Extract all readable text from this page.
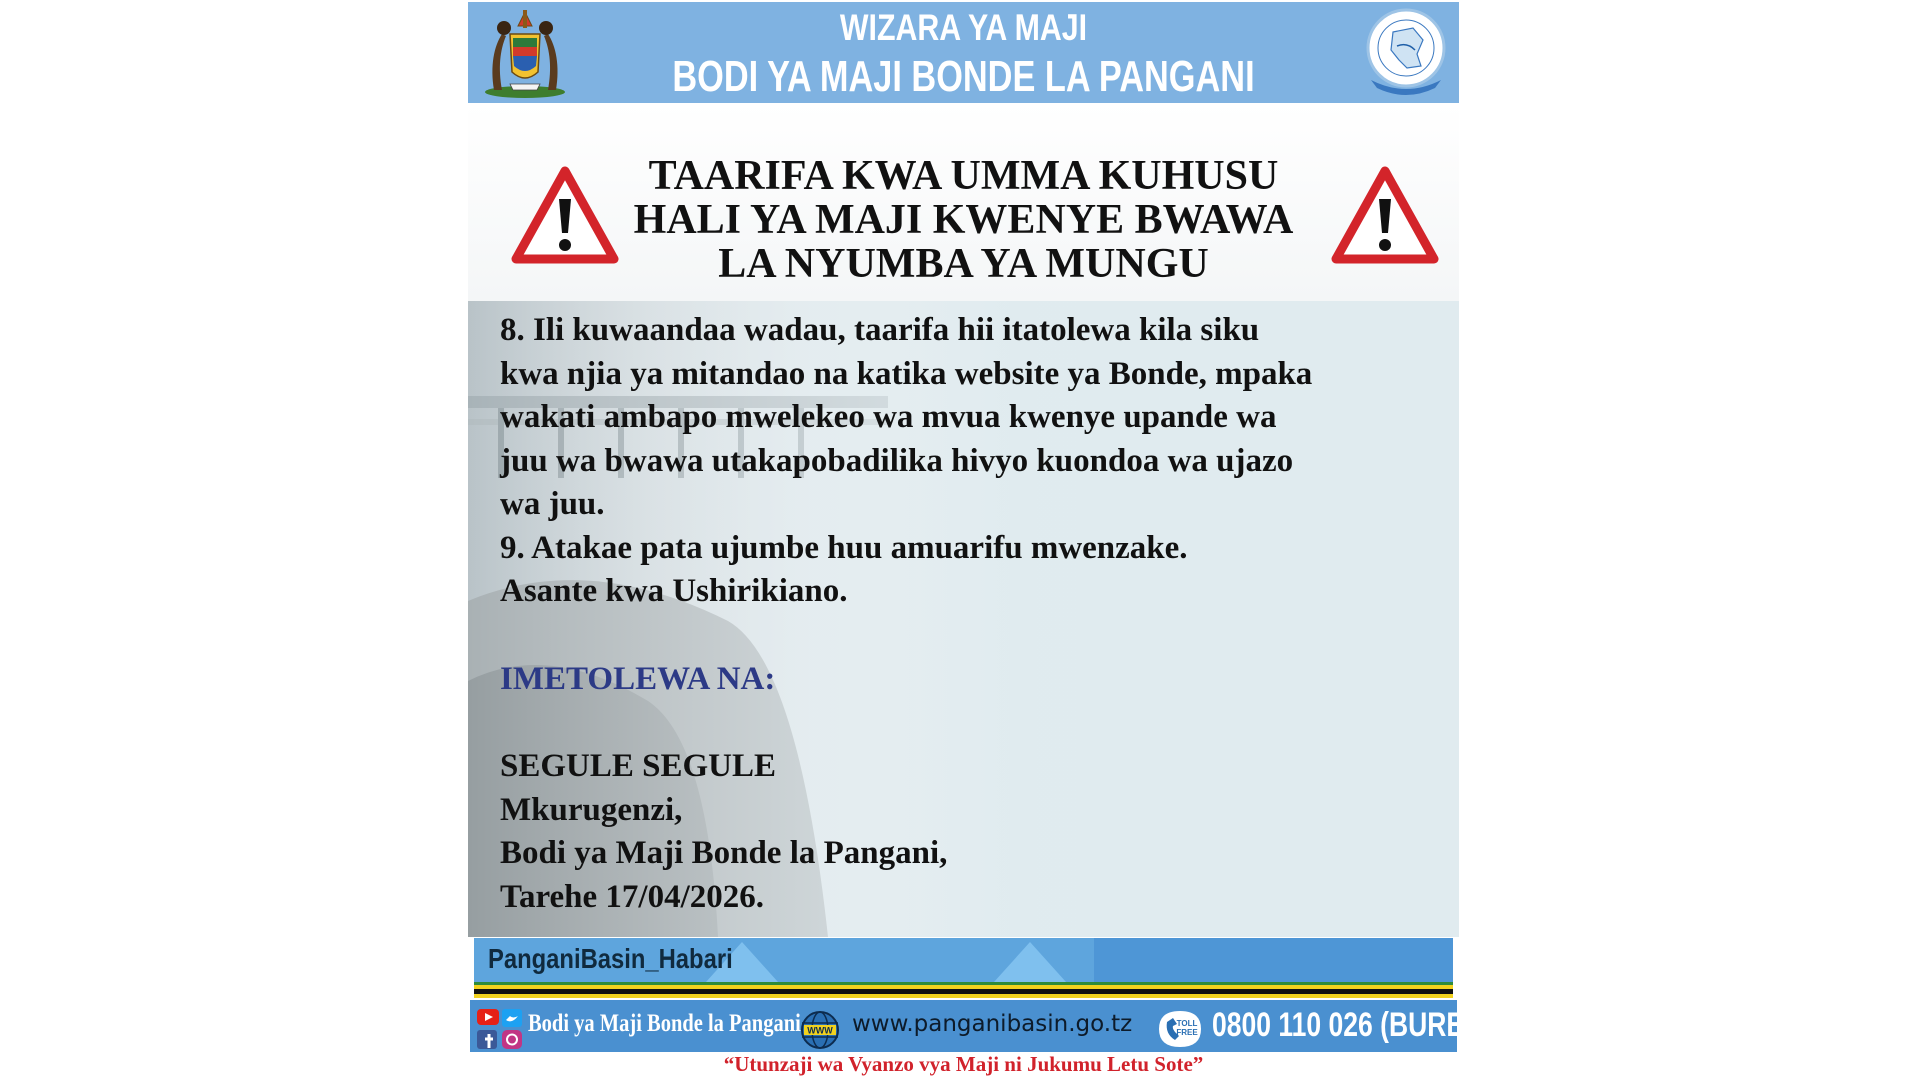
WIZARA YA MAJI
BODI YA MAJI BONDE LA PANGANI
TAARIFA KWA UMMA KUHUSU
HALI YA MAJI KWENYE BWAWA
LA NYUMBA YA MUNGU

8. Ili kuwaandaa wadau, taarifa hii itatolewa kila siku

kwa njia ya mitandao na katika website ya Bonde, mpaka

wakati ambapo mwelekeo wa mvua kwenye upande wa

juu wa bwawa utakapobadilika hivyo kuondoa wa ujazo

wa juu.

9. Atakae pata ujumbe huu amuarifu mwenzake.

Asante kwa Ushirikiano.

IMETOLEWA NA:

SEGULE SEGULE

Mkurugenzi,

Bodi ya Maji Bonde la Pangani,

Tarehe 17/04/2026.

PanganiBasin_Habari
Bodi ya Maji Bonde la Pangani WWW www.panganibasin.go.tz	TOLL FREE 0800 110 026 (BURE)
“Utunzaji wa Vyanzo vya Maji ni Jukumu Letu Sote”
